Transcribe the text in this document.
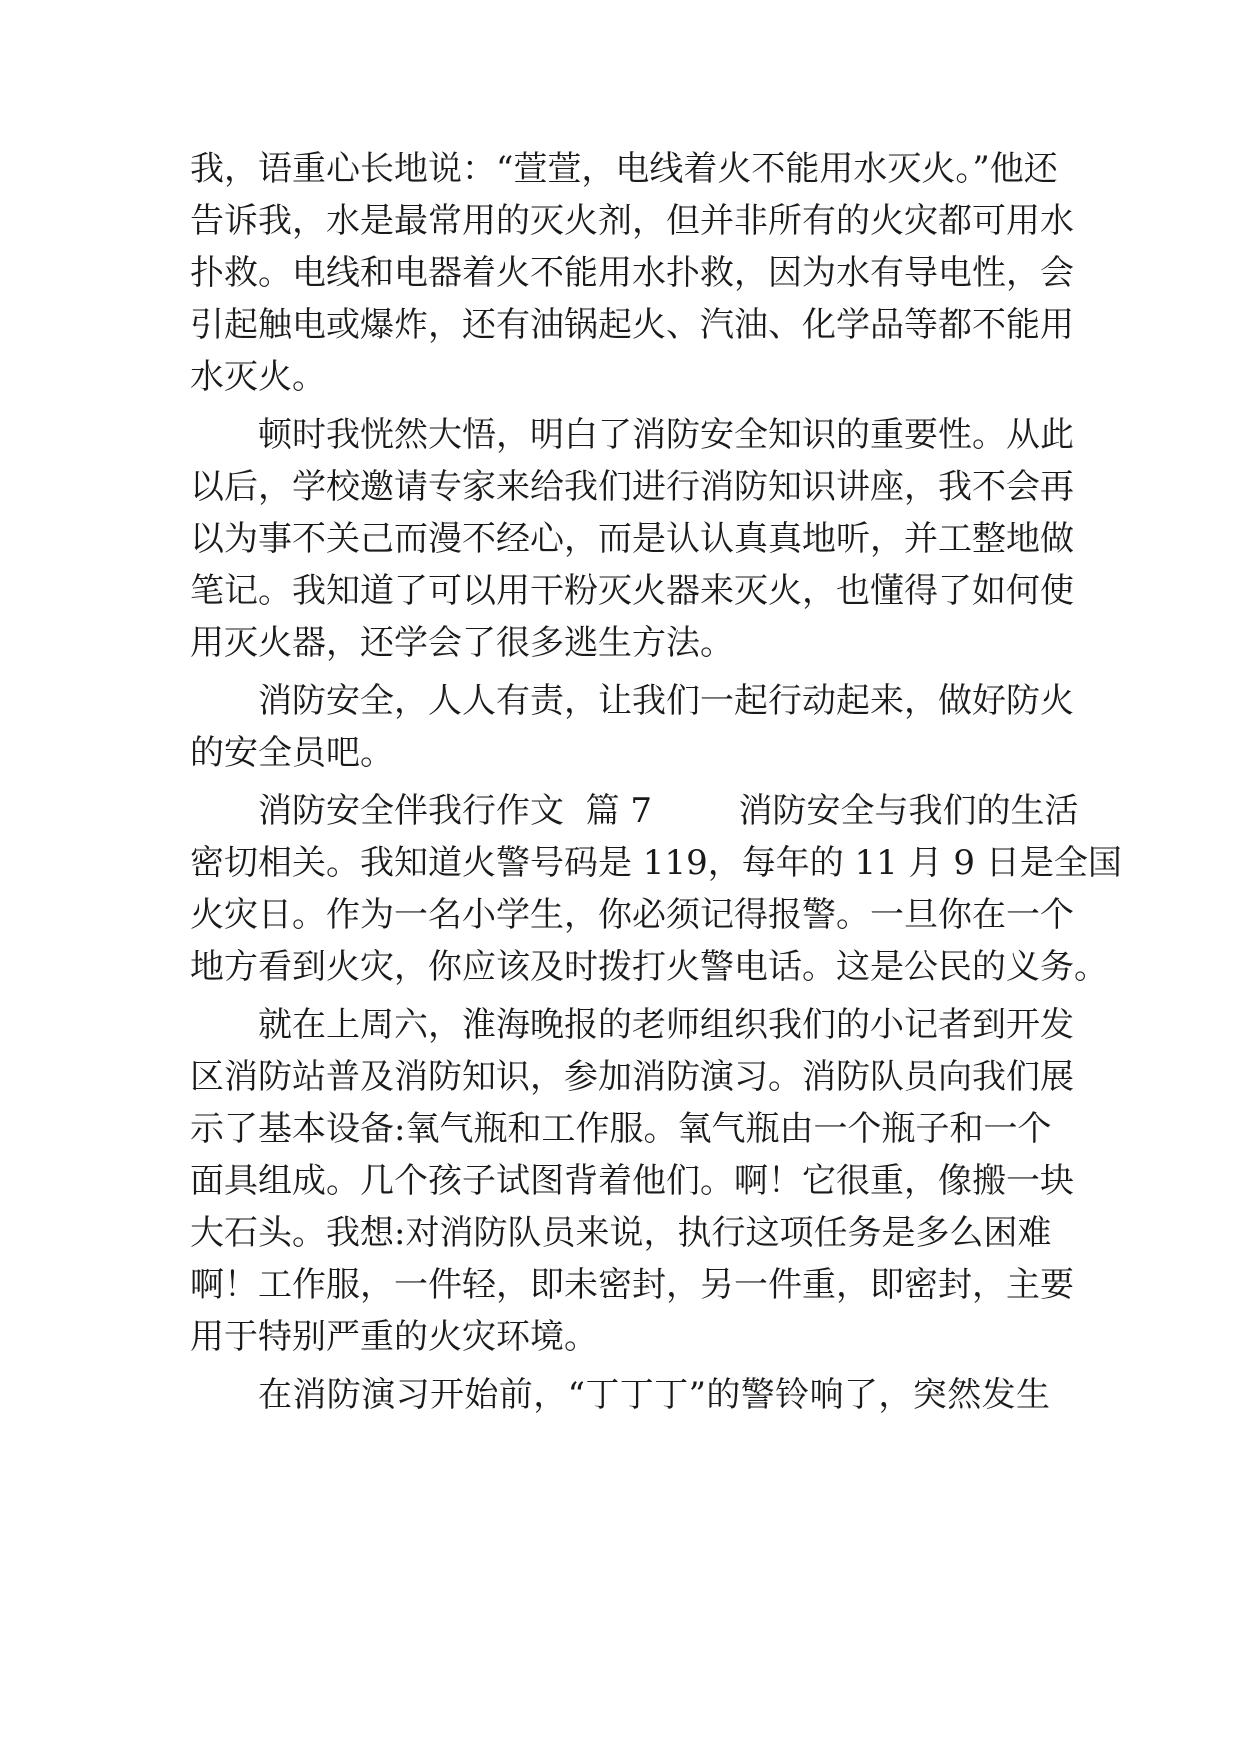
我，语重心长地说：“萱萱，电线着火不能用水灭火。”他还
告诉我，水是最常用的灭火剂，但并非所有的火灾都可用水
扑救。电线和电器着火不能用水扑救，因为水有导电性，会
引起触电或爆炸，还有油锅起火、汽油、化学品等都不能用
水灭火。
顿时我恍然大悟，明白了消防安全知识的重要性。从此
以后，学校邀请专家来给我们进行消防知识讲座，我不会再
以为事不关己而漫不经心，而是认认真真地听，并工整地做
笔记。我知道了可以用干粉灭火器来灭火，也懂得了如何使
用灭火器，还学会了很多逃生方法。
消防安全，人人有责，让我们一起行动起来，做好防火
的安全员吧。
消防安全伴我行作文  篇 7        消防安全与我们的生活
密切相关。我知道火警号码是 119，每年的 11 月 9 日是全国
火灾日。作为一名小学生，你必须记得报警。一旦你在一个
地方看到火灾，你应该及时拨打火警电话。这是公民的义务。
就在上周六，淮海晚报的老师组织我们的小记者到开发
区消防站普及消防知识，参加消防演习。消防队员向我们展
示了基本设备:氧气瓶和工作服。氧气瓶由一个瓶子和一个
面具组成。几个孩子试图背着他们。啊！它很重，像搬一块
大石头。我想:对消防队员来说，执行这项任务是多么困难
啊！工作服，一件轻，即未密封，另一件重，即密封，主要
用于特别严重的火灾环境。
在消防演习开始前，“丁丁丁”的警铃响了，突然发生
